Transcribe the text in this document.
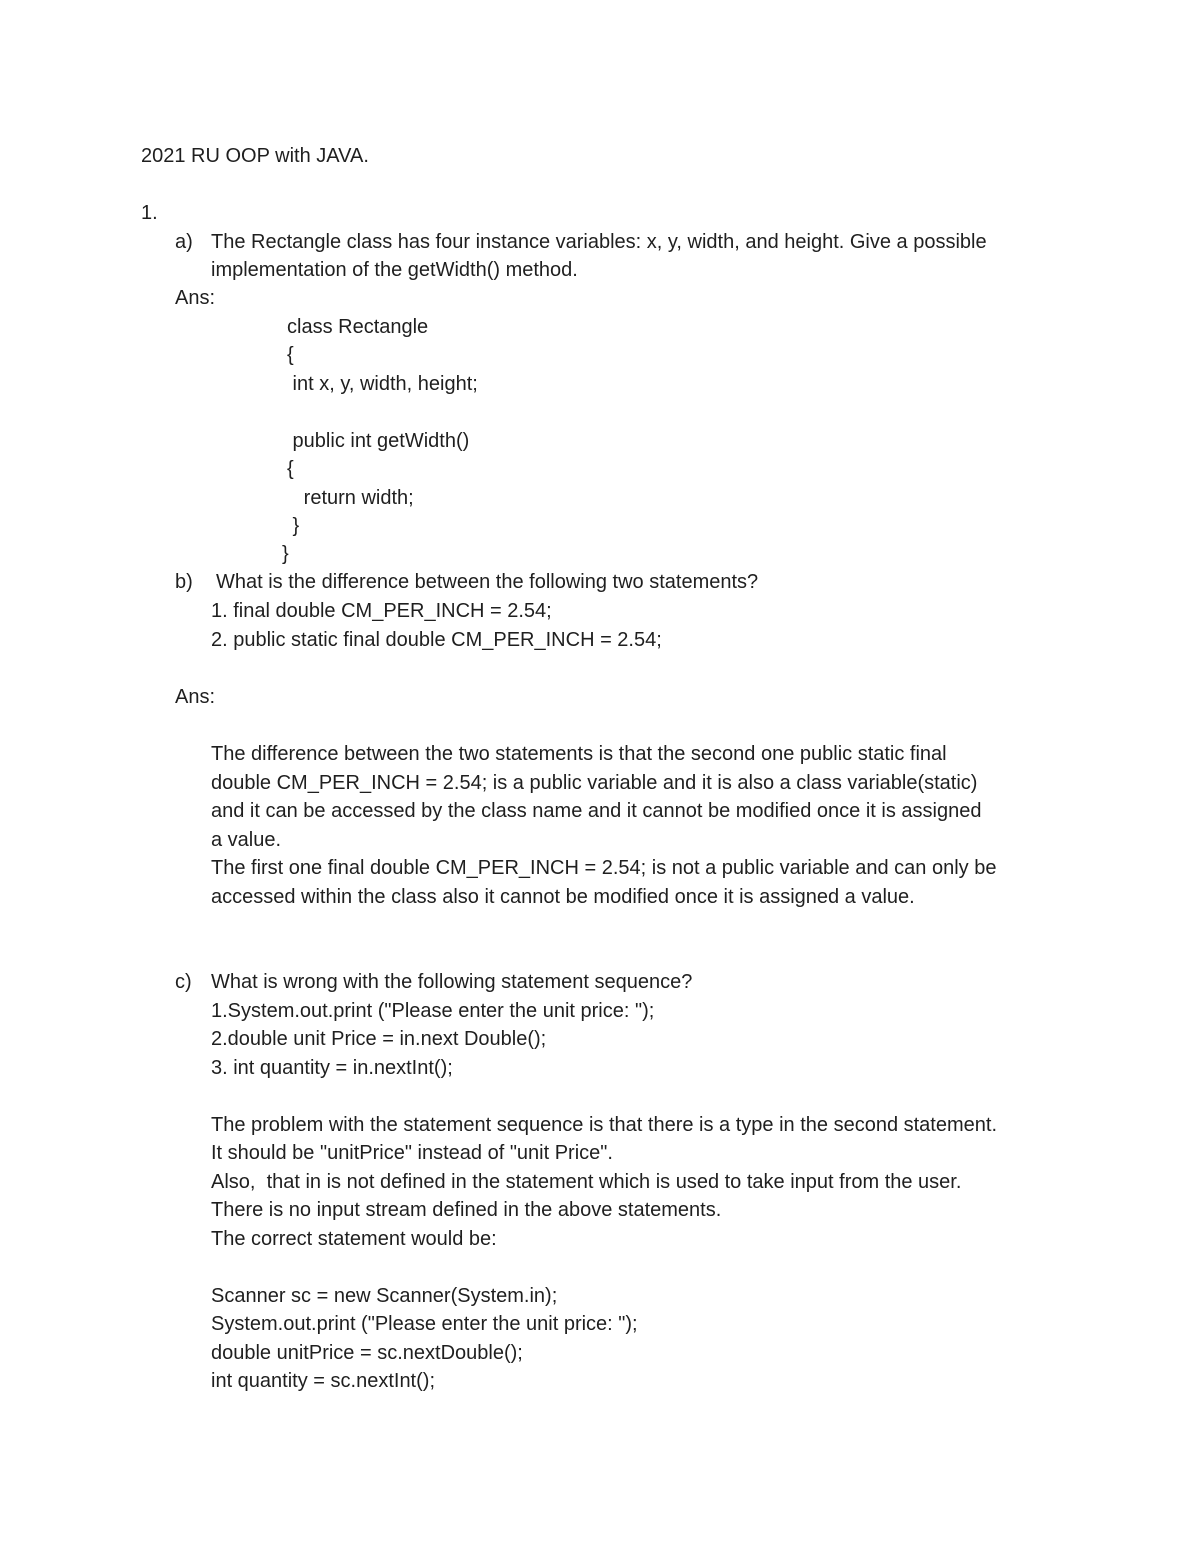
2021 RU OOP with JAVA.

1.

a) The Rectangle class has four instance variables: x, y, width, and height. Give a possible

implementation of the getWidth() method.

Ans:

class Rectangle

{

int x, y, width, height;

public int getWidth()

{

return width;

}

}

b) What is the difference between the following two statements?

1. final double CM_PER_INCH = 2.54;

2. public static final double CM_PER_INCH = 2.54;

Ans:

The difference between the two statements is that the second one public static final

double CM_PER_INCH = 2.54; is a public variable and it is also a class variable(static)

and it can be accessed by the class name and it cannot be modified once it is assigned

a value.

The first one final double CM_PER_INCH = 2.54; is not a public variable and can only be

accessed within the class also it cannot be modified once it is assigned a value.

c) What is wrong with the following statement sequence?

1.System.out.print ("Please enter the unit price: ");

2.double unit Price = in.next Double();

3. int quantity = in.nextInt();

The problem with the statement sequence is that there is a type in the second statement.

It should be "unitPrice" instead of "unit Price".

Also,  that in is not defined in the statement which is used to take input from the user.

There is no input stream defined in the above statements.

The correct statement would be:

Scanner sc = new Scanner(System.in);

System.out.print ("Please enter the unit price: ");

double unitPrice = sc.nextDouble();

int quantity = sc.nextInt();
